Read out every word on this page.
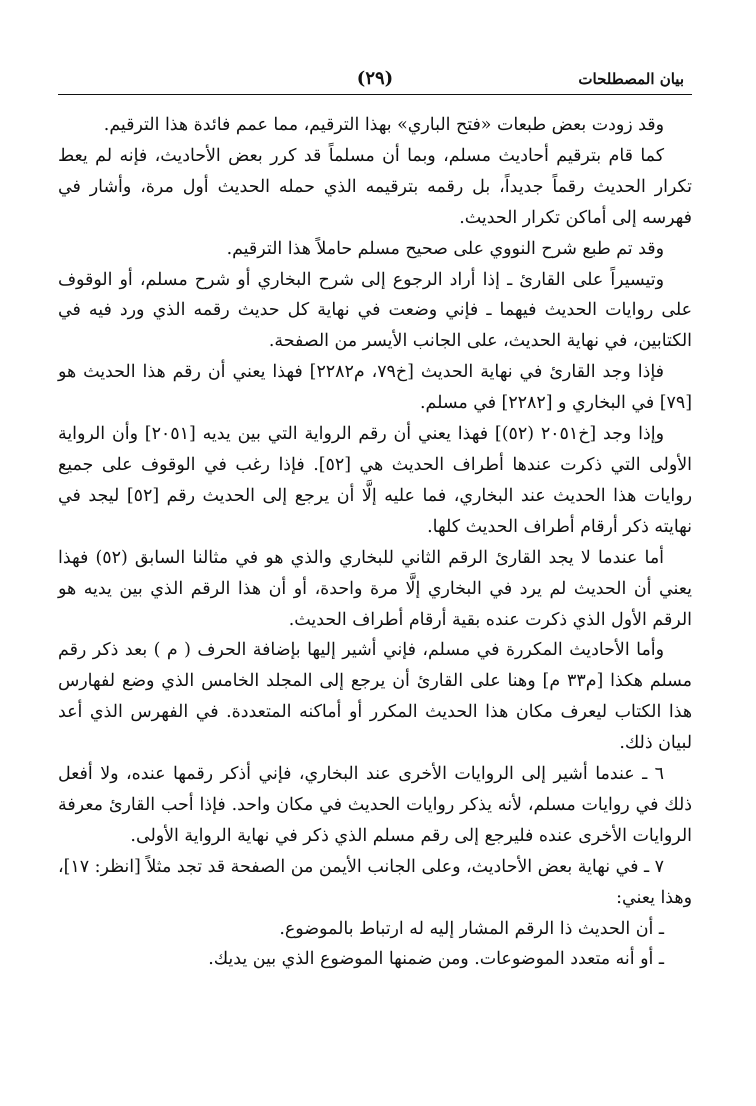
بيان المصطلحات
(٢٩)

وقد زودت بعض طبعات «فتح الباري» بهذا الترقيم، مما عمم فائدة هذا الترقيم.

كما قام بترقيم أحاديث مسلم، وبما أن مسلماً قد كرر بعض الأحاديث، فإنه لم يعط تكرار الحديث رقماً جديداً، بل رقمه بترقيمه الذي حمله الحديث أول مرة، وأشار في فهرسه إلى أماكن تكرار الحديث.

وقد تم طبع شرح النووي على صحيح مسلم حاملاً هذا الترقيم.

وتيسيراً على القارئ ـ إذا أراد الرجوع إلى شرح البخاري أو شرح مسلم، أو الوقوف على روايات الحديث فيهما ـ فإني وضعت في نهاية كل حديث رقمه الذي ورد فيه في الكتابين، في نهاية الحديث، على الجانب الأيسر من الصفحة.

فإذا وجد القارئ في نهاية الحديث [خ٧٩، م٢٢٨٢] فهذا يعني أن رقم هذا الحديث هو [٧٩] في البخاري و [٢٢٨٢] في مسلم.

وإذا وجد [خ٢٠٥١ (٥٢)] فهذا يعني أن رقم الرواية التي بين يديه [٢٠٥١] وأن الرواية الأولى التي ذكرت عندها أطراف الحديث هي [٥٢]. فإذا رغب في الوقوف على جميع روايات هذا الحديث عند البخاري، فما عليه إلَّا أن يرجع إلى الحديث رقم [٥٢] ليجد في نهايته ذكر أرقام أطراف الحديث كلها.

أما عندما لا يجد القارئ الرقم الثاني للبخاري والذي هو في مثالنا السابق (٥٢) فهذا يعني أن الحديث لم يرد في البخاري إلَّا مرة واحدة، أو أن هذا الرقم الذي بين يديه هو الرقم الأول الذي ذكرت عنده بقية أرقام أطراف الحديث.

وأما الأحاديث المكررة في مسلم، فإني أشير إليها بإضافة الحرف ( م ) بعد ذكر رقم مسلم هكذا [م٣٣ م] وهنا على القارئ أن يرجع إلى المجلد الخامس الذي وضع لفهارس هذا الكتاب ليعرف مكان هذا الحديث المكرر أو أماكنه المتعددة. في الفهرس الذي أعد لبيان ذلك.

٦ ـ عندما أشير إلى الروايات الأخرى عند البخاري، فإني أذكر رقمها عنده، ولا أفعل ذلك في روايات مسلم، لأنه يذكر روايات الحديث في مكان واحد. فإذا أحب القارئ معرفة الروايات الأخرى عنده فليرجع إلى رقم مسلم الذي ذكر في نهاية الرواية الأولى.

٧ ـ في نهاية بعض الأحاديث، وعلى الجانب الأيمن من الصفحة قد تجد مثلاً [انظر: ١٧]، وهذا يعني:

ـ أن الحديث ذا الرقم المشار إليه له ارتباط بالموضوع.

ـ أو أنه متعدد الموضوعات. ومن ضمنها الموضوع الذي بين يديك.
